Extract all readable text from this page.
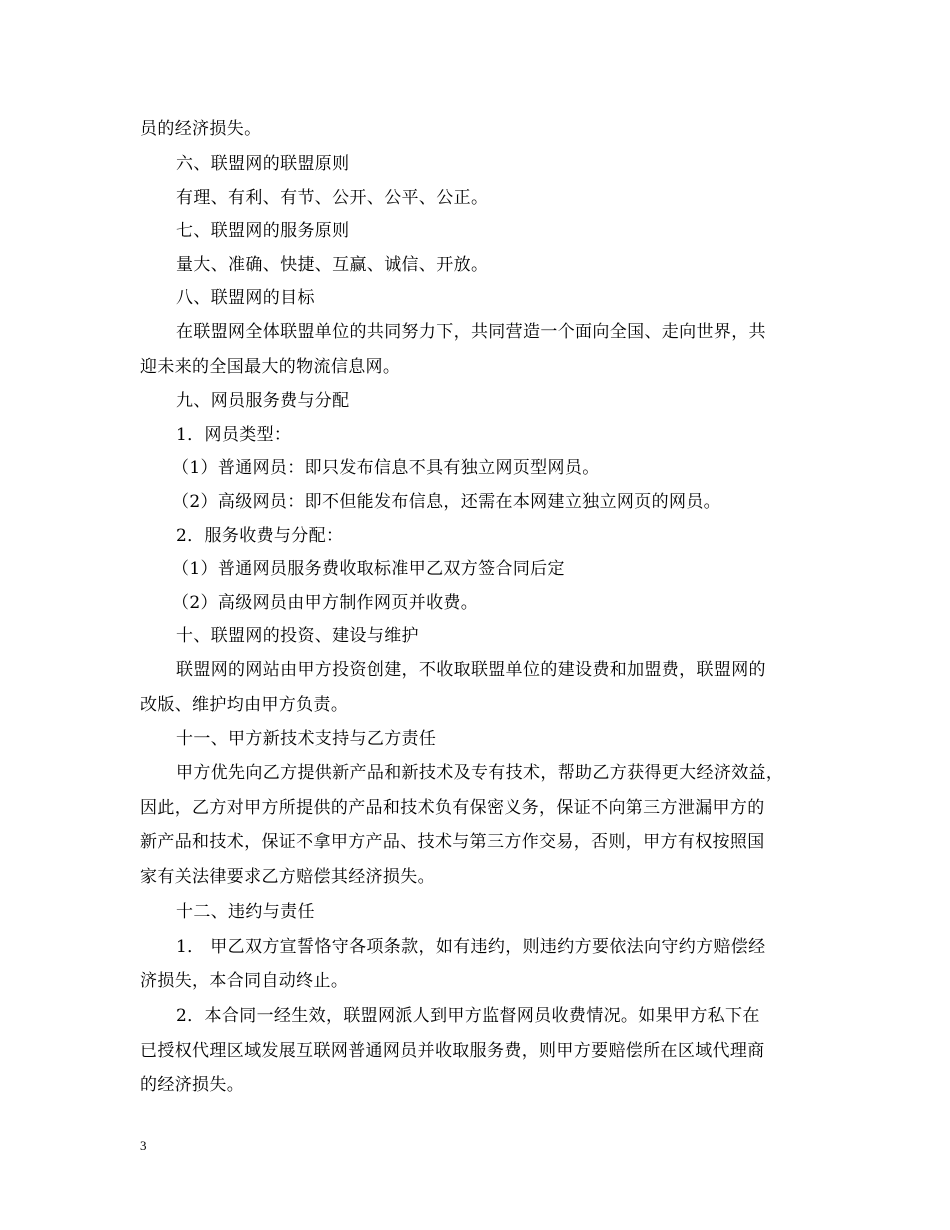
员的经济损失。
六、联盟网的联盟原则
有理、有利、有节、公开、公平、公正。
七、联盟网的服务原则
量大、准确、快捷、互赢、诚信、开放。
八、联盟网的目标
在联盟网全体联盟单位的共同努力下，共同营造一个面向全国、走向世界，共
迎未来的全国最大的物流信息网。
九、网员服务费与分配
1．网员类型：
（1）普通网员：即只发布信息不具有独立网页型网员。
（2）高级网员：即不但能发布信息，还需在本网建立独立网页的网员。
2．服务收费与分配：
（1）普通网员服务费收取标准甲乙双方签合同后定
（2）高级网员由甲方制作网页并收费。
十、联盟网的投资、建设与维护
联盟网的网站由甲方投资创建，不收取联盟单位的建设费和加盟费，联盟网的
改版、维护均由甲方负责。
十一、甲方新技术支持与乙方责任
甲方优先向乙方提供新产品和新技术及专有技术，帮助乙方获得更大经济效益，
因此，乙方对甲方所提供的产品和技术负有保密义务，保证不向第三方泄漏甲方的
新产品和技术，保证不拿甲方产品、技术与第三方作交易，否则，甲方有权按照国
家有关法律要求乙方赔偿其经济损失。
十二、违约与责任
1． 甲乙双方宣誓恪守各项条款，如有违约，则违约方要依法向守约方赔偿经
济损失，本合同自动终止。
2．本合同一经生效，联盟网派人到甲方监督网员收费情况。如果甲方私下在
已授权代理区域发展互联网普通网员并收取服务费，则甲方要赔偿所在区域代理商
的经济损失。
3
